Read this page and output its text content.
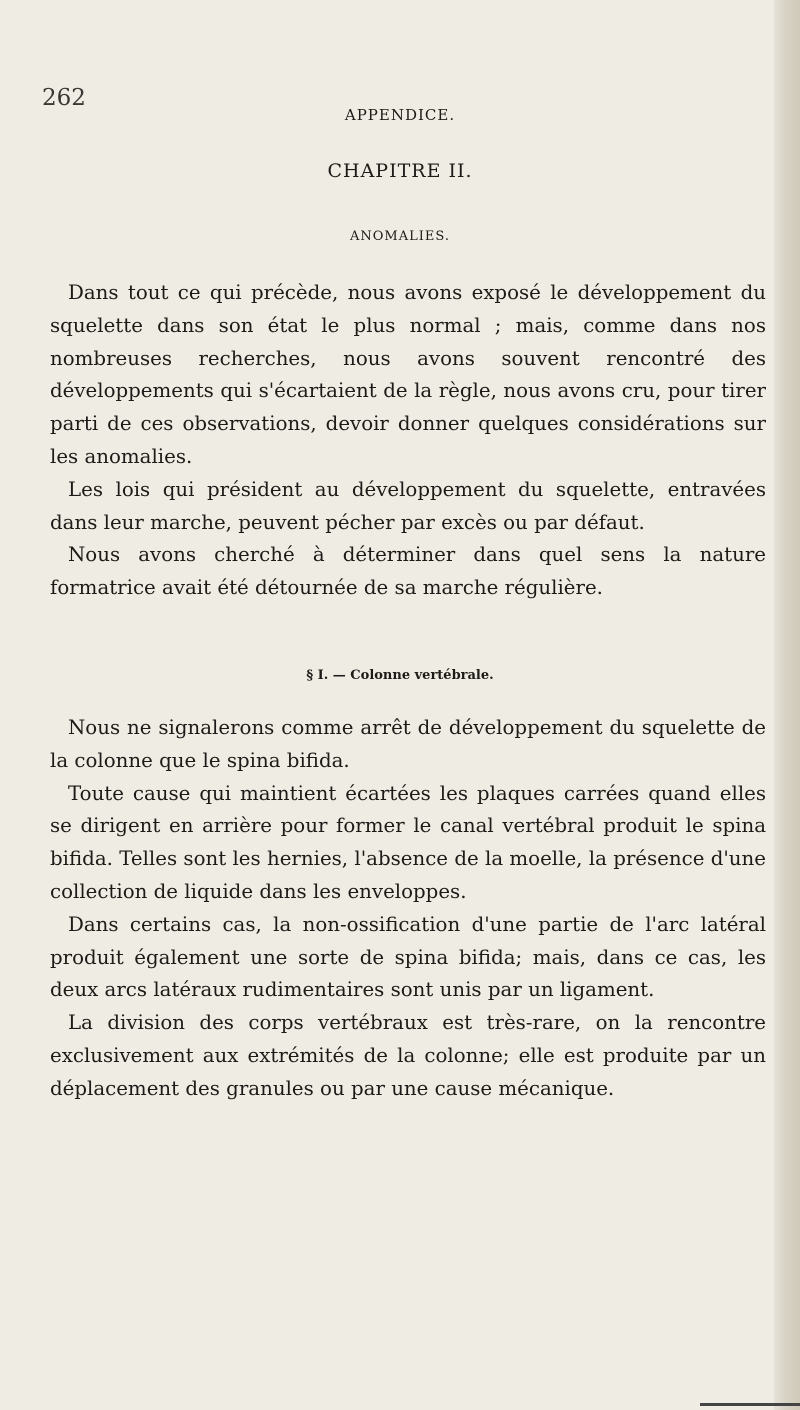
262
APPENDICE.
CHAPITRE II.
ANOMALIES.

Dans tout ce qui précède, nous avons exposé le développement du squelette dans son état le plus normal ; mais, comme dans nos nombreuses recherches, nous avons souvent rencontré des développements qui s'écartaient de la règle, nous avons cru, pour tirer parti de ces observations, devoir donner quelques considérations sur les anomalies.

Les lois qui président au développement du squelette, entravées dans leur marche, peuvent pécher par excès ou par défaut.

Nous avons cherché à déterminer dans quel sens la nature formatrice avait été détournée de sa marche régulière.

§ I. — Colonne vertébrale.

Nous ne signalerons comme arrêt de développement du squelette de la colonne que le spina bifida.

Toute cause qui maintient écartées les plaques carrées quand elles se dirigent en arrière pour former le canal vertébral produit le spina bifida. Telles sont les hernies, l'absence de la moelle, la présence d'une collection de liquide dans les enveloppes.

Dans certains cas, la non-ossification d'une partie de l'arc latéral produit également une sorte de spina bifida; mais, dans ce cas, les deux arcs latéraux rudimentaires sont unis par un ligament.

La division des corps vertébraux est très-rare, on la rencontre exclusivement aux extrémités de la colonne; elle est produite par un déplacement des granules ou par une cause mécanique.
